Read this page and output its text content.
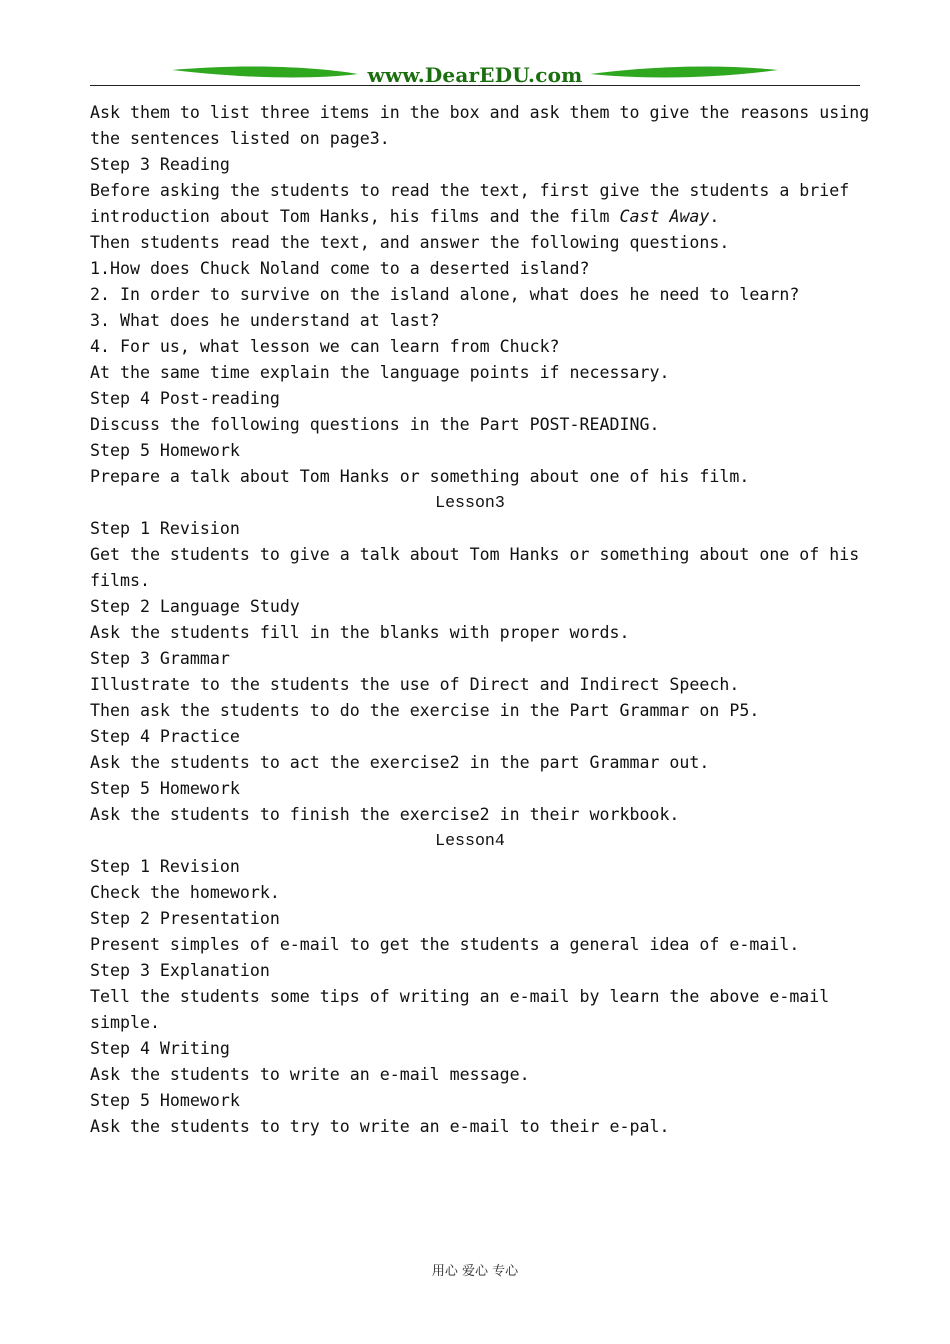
www.DearEDU.com
Ask them to list three items in the box and ask them to give the reasons using
the sentences listed on page3.
Step 3 Reading
Before asking the students to read the text, first give the students a brief
introduction about Tom Hanks, his films and the film Cast Away.
Then students read the text, and answer the following questions.
1.How does Chuck Noland come to a deserted island?
2. In order to survive on the island alone, what does he need to learn?
3. What does he understand at last?
4. For us, what lesson we can learn from Chuck?
At the same time explain the language points if necessary.
Step 4 Post-reading
Discuss the following questions in the Part POST-READING.
Step 5 Homework
Prepare a talk about Tom Hanks or something about one of his film.
Lesson3
Step 1 Revision
Get the students to give a talk about Tom Hanks or something about one of his
films.
Step 2 Language Study
Ask the students fill in the blanks with proper words.
Step 3 Grammar
Illustrate to the students the use of Direct and Indirect Speech.
Then ask the students to do the exercise in the Part Grammar on P5.
Step 4 Practice
Ask the students to act the exercise2 in the part Grammar out.
Step 5 Homework
Ask the students to finish the exercise2 in their workbook.
Lesson4
Step 1 Revision
Check the homework.
Step 2 Presentation
Present simples of e-mail to get the students a general idea of e-mail.
Step 3 Explanation
Tell the students some tips of writing an e-mail by learn the above e-mail
simple.
Step 4 Writing
Ask the students to write an e-mail message.
Step 5 Homework
Ask the students to try to write an e-mail to their e-pal.
用心 爱心 专心
